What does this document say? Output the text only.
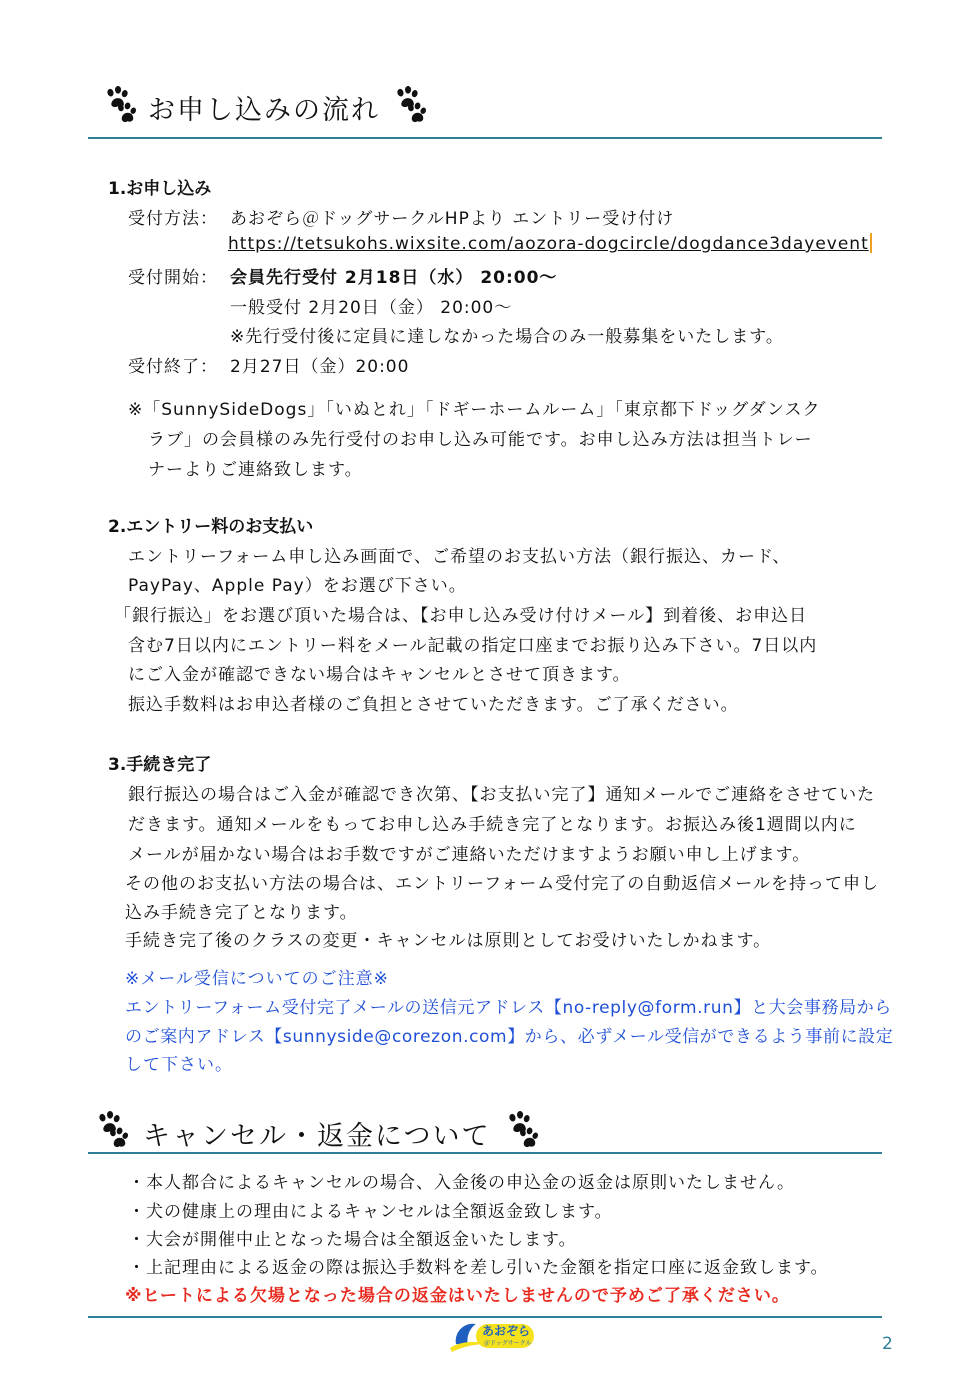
お申し込みの流れ
1.お申し込み
受付方法： あおぞら＠ドッグサークルHPより エントリー受け付け
https://tetsukohs.wixsite.com/aozora-dogcircle/dogdance3dayevent
受付開始： 会員先行受付 2月18日（水） 20:00～
一般受付 2月20日（金） 20:00～
※先行受付後に定員に達しなかった場合のみ一般募集をいたします。
受付終了： 2月27日（金）20:00
※「SunnySideDogs」「いぬとれ」「ドギーホームルーム」「東京都下ドッグダンスク
ラブ」の会員様のみ先行受付のお申し込み可能です。お申し込み方法は担当トレー
ナーよりご連絡致します。
2.エントリー料のお支払い
エントリーフォーム申し込み画面で、ご希望のお支払い方法（銀行振込、カード、
PayPay、Apple Pay）をお選び下さい。
「銀行振込」をお選び頂いた場合は、【お申し込み受け付けメール】到着後、お申込日
含む7日以内にエントリー料をメール記載の指定口座までお振り込み下さい。7日以内
にご入金が確認できない場合はキャンセルとさせて頂きます。
振込手数料はお申込者様のご負担とさせていただきます。ご了承ください。
3.手続き完了
銀行振込の場合はご入金が確認でき次第、【お支払い完了】通知メールでご連絡をさせていた
だきます。通知メールをもってお申し込み手続き完了となります。お振込み後1週間以内に
メールが届かない場合はお手数ですがご連絡いただけますようお願い申し上げます。
その他のお支払い方法の場合は、エントリーフォーム受付完了の自動返信メールを持って申し
込み手続き完了となります。
手続き完了後のクラスの変更・キャンセルは原則としてお受けいたしかねます。
※メール受信についてのご注意※
エントリーフォーム受付完了メールの送信元アドレス【no-reply@form.run】と大会事務局から
のご案内アドレス【sunnyside@corezon.com】から、必ずメール受信ができるよう事前に設定
して下さい。
キャンセル・返金について
・本人都合によるキャンセルの場合、入金後の申込金の返金は原則いたしません。
・犬の健康上の理由によるキャンセルは全額返金致します。
・大会が開催中止となった場合は全額返金いたします。
・上記理由による返金の際は振込手数料を差し引いた金額を指定口座に返金致します。
※ヒートによる欠場となった場合の返金はいたしませんので予めご了承ください。
あおぞら
＠ドッグサークル	2
